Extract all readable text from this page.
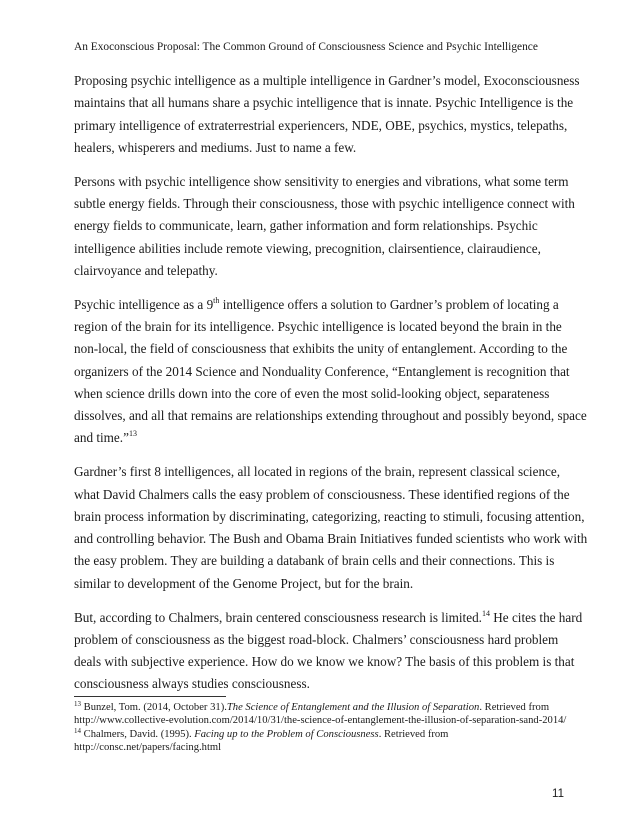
An Exoconscious Proposal: The Common Ground of Consciousness Science and Psychic Intelligence
Proposing psychic intelligence as a multiple intelligence in Gardner’s model, Exoconsciousness
maintains that all humans share a psychic intelligence that is innate. Psychic Intelligence is the
primary intelligence of extraterrestrial experiencers, NDE, OBE, psychics, mystics, telepaths,
healers, whisperers and mediums. Just to name a few.
Persons with psychic intelligence show sensitivity to energies and vibrations, what some term
subtle energy fields. Through their consciousness, those with psychic intelligence connect with
energy fields to communicate, learn, gather information and form relationships. Psychic
intelligence abilities include remote viewing, precognition, clairsentience, clairaudience,
clairvoyance and telepathy.
Psychic intelligence as a 9th intelligence offers a solution to Gardner’s problem of locating a
region of the brain for its intelligence. Psychic intelligence is located beyond the brain in the
non-local, the field of consciousness that exhibits the unity of entanglement. According to the
organizers of the 2014 Science and Nonduality Conference, “Entanglement is recognition that
when science drills down into the core of even the most solid-looking object, separateness
dissolves, and all that remains are relationships extending throughout and possibly beyond, space
and time.”$^{13}$
Gardner’s first 8 intelligences, all located in regions of the brain, represent classical science,
what David Chalmers calls the easy problem of consciousness. These identified regions of the
brain process information by discriminating, categorizing, reacting to stimuli, focusing attention,
and controlling behavior. The Bush and Obama Brain Initiatives funded scientists who work with
the easy problem. They are building a databank of brain cells and their connections. This is
similar to development of the Genome Project, but for the brain.
But, according to Chalmers, brain centered consciousness research is limited.$^{14}$ He cites the hard
problem of consciousness as the biggest road-block. Chalmers’ consciousness hard problem
deals with subjective experience. How do we know we know? The basis of this problem is that
consciousness always studies consciousness.
$^{13}$ Bunzel, Tom. (2014, October 31).The Science of Entanglement and the Illusion of Separation. Retrieved from
http://www.collective-evolution.com/2014/10/31/the-science-of-entanglement-the-illusion-of-separation-sand-2014/
$^{14}$ Chalmers, David. (1995). Facing up to the Problem of Consciousness. Retrieved from
http://consc.net/papers/facing.html
11
